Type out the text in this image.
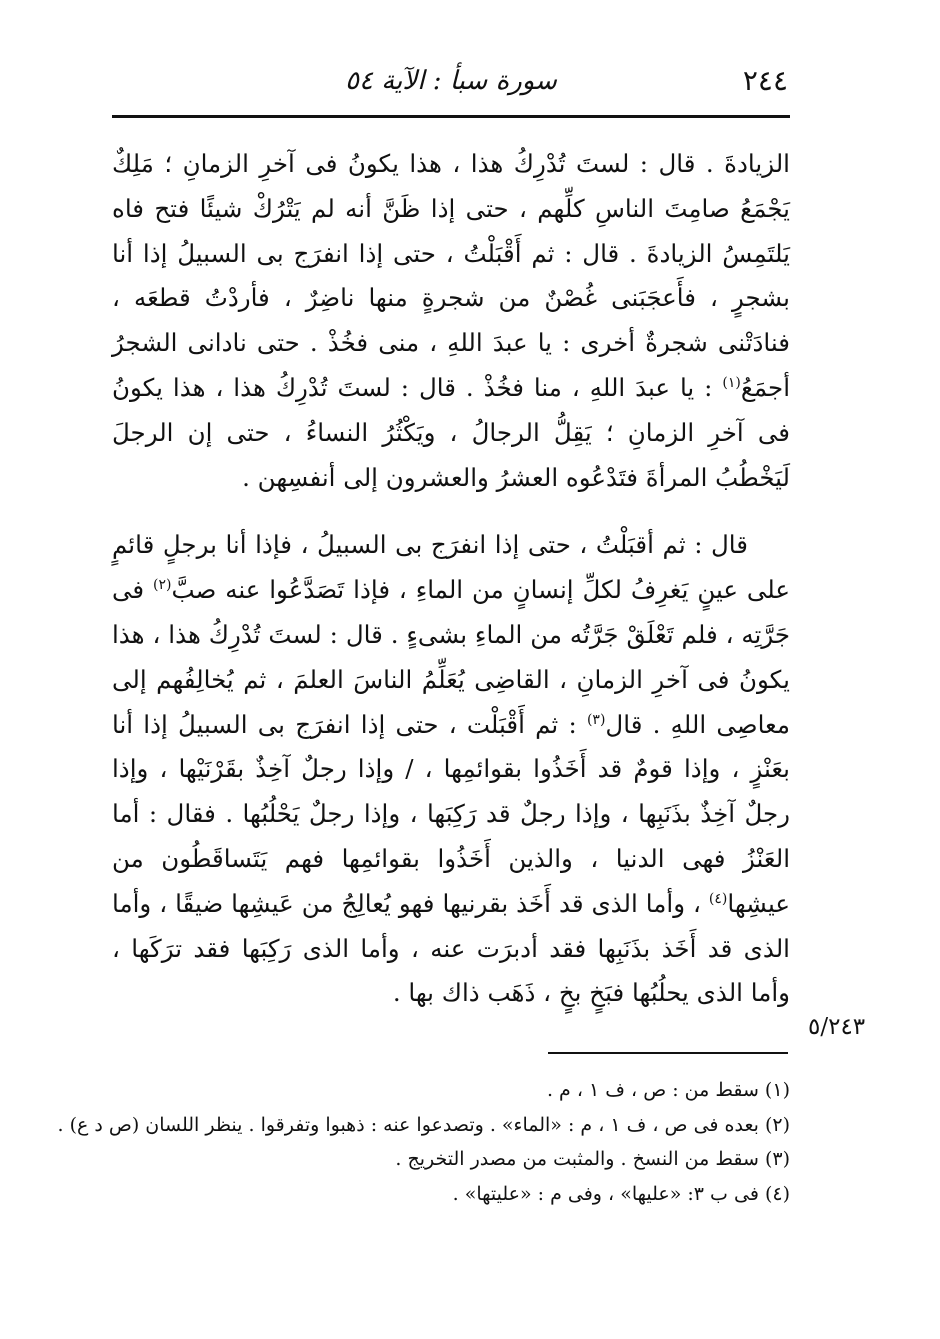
٢٤٤
سورة سبأ : الآية ٥٤

الزيادةَ . قال : لستَ تُدْرِكُ هذا ، هذا يكونُ فى آخرِ الزمانِ ؛ مَلِكٌ يَجْمَعُ صامِتَ الناسِ كلِّهم ، حتى إذا ظَنَّ أنه لم يَتْرُكْ شيئًا فتح فاه يَلتَمِسُ الزيادةَ . قال : ثم أَقْبَلْتُ ، حتى إذا انفرَج بى السبيلُ إذا أنا بشجرٍ ، فأَعجَبَنى غُصْنٌ من شجرةٍ منها ناضِرٌ ، فأردْتُ قطعَه ، فنادَتْنى شجرةٌ أخرى : يا عبدَ اللهِ ، منى فخُذْ . حتى نادانى الشجرُ أجمَعُ$^{(١)}$ : يا عبدَ اللهِ ، منا فخُذْ . قال : لستَ تُدْرِكُ هذا ، هذا يكونُ فى آخرِ الزمانِ ؛ يَقِلُّ الرجالُ ، ويَكْثُرُ النساءُ ، حتى إن الرجلَ لَيَخْطُبُ المرأةَ فتَدْعُوه العشرُ والعشرون إلى أنفسِهن .

قال : ثم أقبَلْتُ ، حتى إذا انفرَج بى السبيلُ ، فإذا أنا برجلٍ قائمٍ على عينٍ يَغرِفُ لكلِّ إنسانٍ من الماءِ ، فإذا تَصَدَّعُوا عنه صبَّ$^{(٢)}$ فى جَرَّتِه ، فلم تَعْلَقْ جَرَّتُه من الماءِ بشىءٍ . قال : لستَ تُدْرِكُ هذا ، هذا يكونُ فى آخرِ الزمانِ ، القاضِى يُعَلِّمُ الناسَ العلمَ ، ثم يُخالِفُهم إلى معاصِى اللهِ . قال$^{(٣)}$ : ثم أَقْبَلْت ، حتى إذا انفرَج بى السبيلُ إذا أنا بعَنْزٍ ، وإذا قومٌ قد أَخَذُوا بقوائمِها ، / وإذا رجلٌ آخِذٌ بقَرْنَيْها ، وإذا رجلٌ آخِذٌ بذَنَبِها ، وإذا رجلٌ قد رَكِبَها ، وإذا رجلٌ يَحْلُبُها . فقال : أما العَنْزُ فهى الدنيا ، والذين أَخَذُوا بقوائمِها فهم يَتَساقَطُون من عيشِها$^{(٤)}$ ، وأما الذى قد أَخَذ بقرنيها فهو يُعالِجُ من عَيشِها ضيقًا ، وأما الذى قد أَخَذ بذَنَبِها فقد أدبرَت عنه ، وأما الذى رَكِبَها فقد ترَكَها ، وأما الذى يحلُبُها فبَخٍ بخٍ ، ذَهَب ذاك بها .

٥/٢٤٣

(١) سقط من : ص ، ف ١ ، م .

(٢) بعده فى ص ، ف ١ ، م : «الماء» . وتصدعوا عنه : ذهبوا وتفرقوا . ينظر اللسان (ص د ع) .

(٣) سقط من النسخ . والمثبت من مصدر التخريج .

(٤) فى ب ٣: «عليها» ، وفى م : «عليتها» .
